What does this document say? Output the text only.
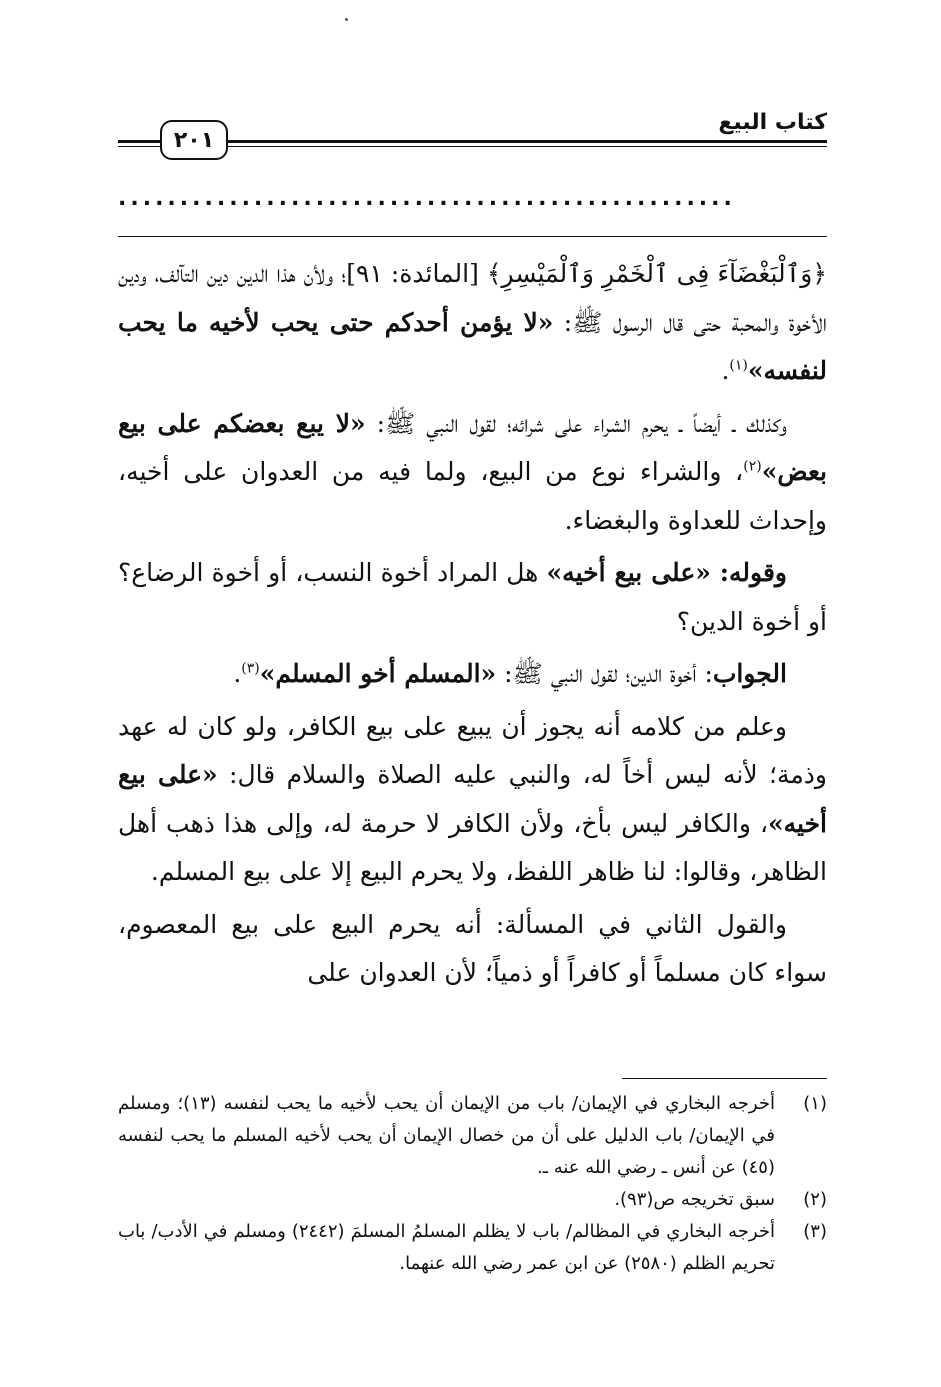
كتاب البيع
٢٠١
..................................................

﴿وَٱلْبَغْضَآءَ فِى ٱلْخَمْرِ وَٱلْمَيْسِرِ﴾ [المائدة: ٩١]؛ ولأن هذا الدين دين التآلف، ودين الأخوة والمحبة حتى قال الرسول ﷺ: «لا يؤمن أحدكم حتى يحب لأخيه ما يحب لنفسه»$^{(١)}$.

وكذلك ـ أيضاً ـ يحرم الشراء على شرائه؛ لقول النبي ﷺ: «لا يبع بعضكم على بيع بعض»$^{(٢)}$، والشراء نوع من البيع، ولما فيه من العدوان على أخيه، وإحداث للعداوة والبغضاء.

وقوله: «على بيع أخيه» هل المراد أخوة النسب، أو أخوة الرضاع؟ أو أخوة الدين؟

الجواب: أخوة الدين؛ لقول النبي ﷺ: «المسلم أخو المسلم»$^{(٣)}$.

وعلم من كلامه أنه يجوز أن يبيع على بيع الكافر، ولو كان له عهد وذمة؛ لأنه ليس أخاً له، والنبي عليه الصلاة والسلام قال: «على بيع أخيه»، والكافر ليس بأخ، ولأن الكافر لا حرمة له، وإلى هذا ذهب أهل الظاهر، وقالوا: لنا ظاهر اللفظ، ولا يحرم البيع إلا على بيع المسلم.

والقول الثاني في المسألة: أنه يحرم البيع على بيع المعصوم، سواء كان مسلماً أو كافراً أو ذمياً؛ لأن العدوان على

(١)
أخرجه البخاري في الإيمان/ باب من الإيمان أن يحب لأخيه ما يحب لنفسه (١٣)؛ ومسلم في الإيمان/ باب الدليل على أن من خصال الإيمان أن يحب لأخيه المسلم ما يحب لنفسه (٤٥) عن أنس ـ رضي الله عنه ـ.
(٢)
سبق تخريجه ص(٩٣).
(٣)
أخرجه البخاري في المظالم/ باب لا يظلم المسلمُ المسلمَ (٢٤٤٢) ومسلم في الأدب/ باب تحريم الظلم (٢٥٨٠) عن ابن عمر رضي الله عنهما.
